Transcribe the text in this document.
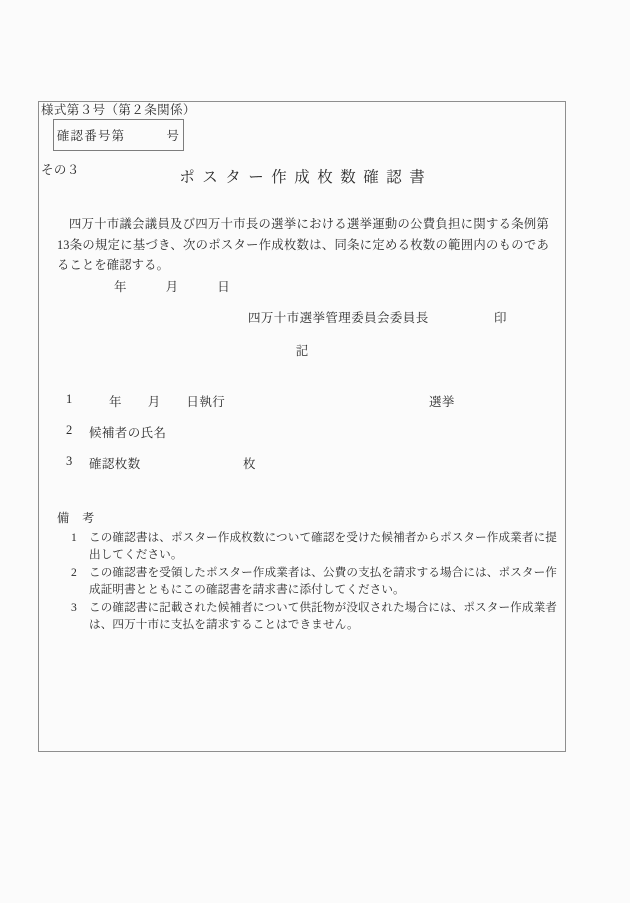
様式第３号（第２条関係）

その３

確認番号第　　　号
ポスター作成枚数確認書
四万十市議会議員及び四万十市長の選挙における選挙運動の公費負担に関する条例第13条の規定に基づき、次のポスター作成枚数は、同条に定める枚数の範囲内のものであることを確認する。
年　　　月　　　日
四万十市選挙管理委員会委員長	印
記
1	年　　月　　日執行	選挙
2 候補者の氏名
3 確認枚数	枚
備　考
1 この確認書は、ポスター作成枚数について確認を受けた候補者からポスター作成業者に提出してください。
2 この確認書を受領したポスター作成業者は、公費の支払を請求する場合には、ポスター作成証明書とともにこの確認書を請求書に添付してください。
3 この確認書に記載された候補者について供託物が没収された場合には、ポスター作成業者は、四万十市に支払を請求することはできません。
